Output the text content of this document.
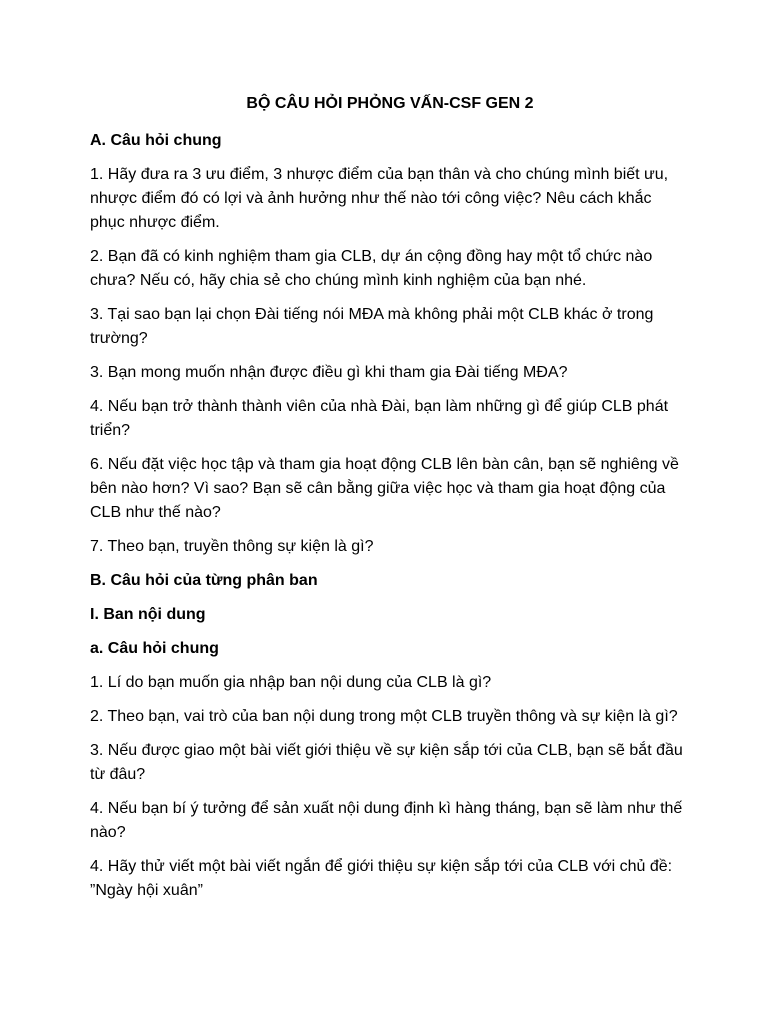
BỘ CÂU HỎI PHỎNG VẤN-CSF GEN 2
A. Câu hỏi chung
1. Hãy đưa ra 3 ưu điểm, 3 nhược điểm của bạn thân và cho chúng mình biết ưu, nhược điểm đó có lợi và ảnh hưởng như thế nào tới công việc? Nêu cách khắc phục nhược điểm.
2. Bạn đã có kinh nghiệm tham gia CLB, dự án cộng đồng hay một tổ chức nào chưa? Nếu có, hãy chia sẻ cho chúng mình kinh nghiệm của bạn nhé.
3. Tại sao bạn lại chọn Đài tiếng nói MĐA mà không phải một CLB khác ở trong trường?
3. Bạn mong muốn nhận được điều gì khi tham gia Đài tiếng MĐA?
4. Nếu bạn trở thành thành viên của nhà Đài, bạn làm những gì để giúp CLB phát triển?
6. Nếu đặt việc học tập và tham gia hoạt động CLB lên bàn cân, bạn sẽ nghiêng về bên nào hơn? Vì sao? Bạn sẽ cân bằng giữa việc học và tham gia hoạt động của CLB như thế nào?
7. Theo bạn, truyền thông sự kiện là gì?
B. Câu hỏi của từng phân ban
I. Ban nội dung
a. Câu hỏi chung
1. Lí do bạn muốn gia nhập ban nội dung của CLB là gì?
2. Theo bạn, vai trò của ban nội dung trong một CLB truyền thông và sự kiện là gì?
3. Nếu được giao một bài viết giới thiệu về sự kiện sắp tới của CLB, bạn sẽ bắt đầu từ đâu?
4. Nếu bạn bí ý tưởng để sản xuất nội dung định kì hàng tháng, bạn sẽ làm như thế nào?
4. Hãy thử viết một bài viết ngắn để giới thiệu sự kiện sắp tới của CLB với chủ đề: ”Ngày hội xuân”
